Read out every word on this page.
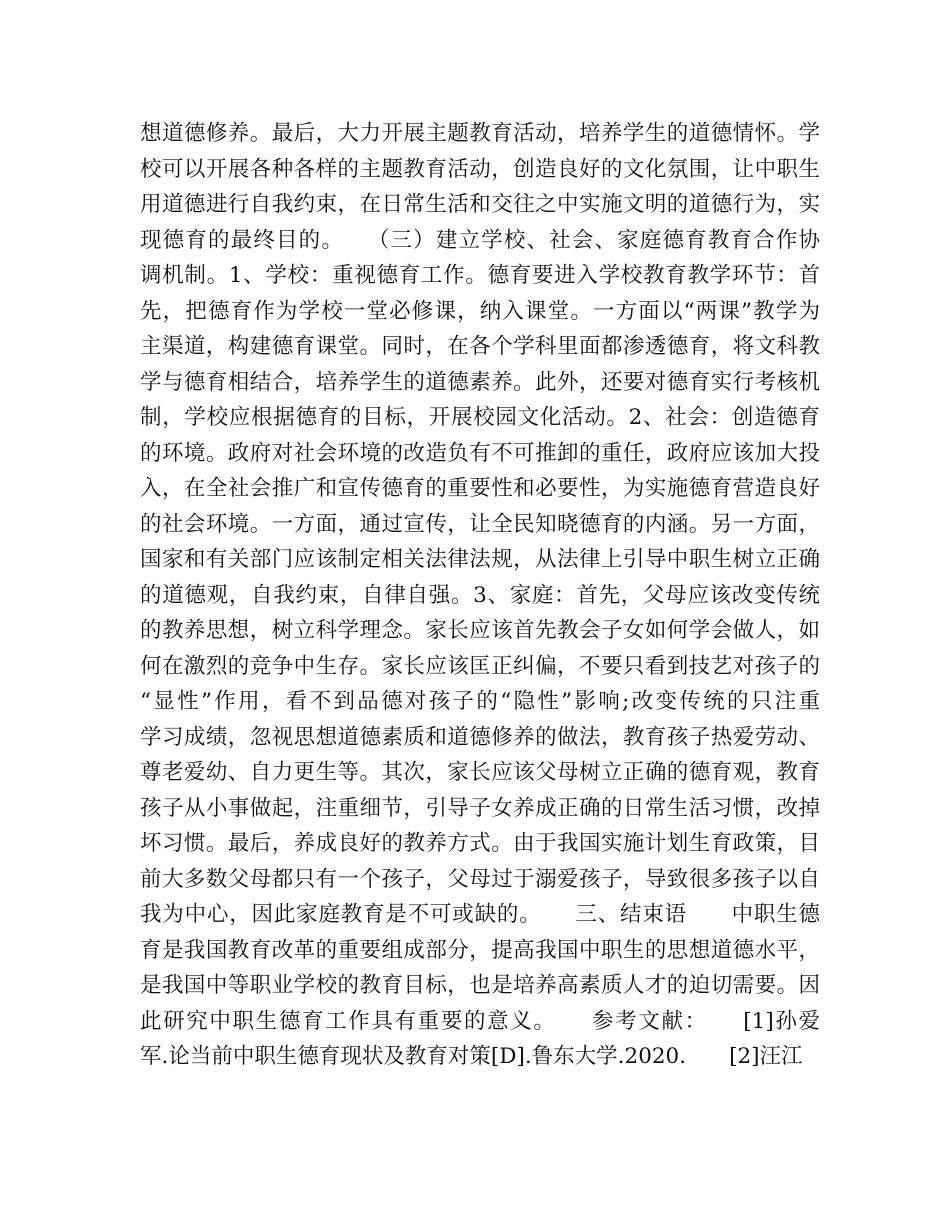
想道德修养。最后，大力开展主题教育活动，培养学生的道德情怀。学
校可以开展各种各样的主题教育活动，创造良好的文化氛围，让中职生
用道德进行自我约束，在日常生活和交往之中实施文明的道德行为，实
现德育的最终目的。　　（三）建立学校、社会、家庭德育教育合作协
调机制。1、学校：重视德育工作。德育要进入学校教育教学环节：首
先，把德育作为学校一堂必修课，纳入课堂。一方面以“两课”教学为
主渠道，构建德育课堂。同时，在各个学科里面都渗透德育，将文科教
学与德育相结合，培养学生的道德素养。此外，还要对德育实行考核机
制，学校应根据德育的目标，开展校园文化活动。2、社会：创造德育
的环境。政府对社会环境的改造负有不可推卸的重任，政府应该加大投
入，在全社会推广和宣传德育的重要性和必要性，为实施德育营造良好
的社会环境。一方面，通过宣传，让全民知晓德育的内涵。另一方面，
国家和有关部门应该制定相关法律法规，从法律上引导中职生树立正确
的道德观，自我约束，自律自强。3、家庭：首先，父母应该改变传统
的教养思想，树立科学理念。家长应该首先教会子女如何学会做人，如
何在激烈的竞争中生存。家长应该匡正纠偏，不要只看到技艺对孩子的
“显性”作用，看不到品德对孩子的“隐性”影响;改变传统的只注重
学习成绩，忽视思想道德素质和道德修养的做法，教育孩子热爱劳动、
尊老爱幼、自力更生等。其次，家长应该父母树立正确的德育观，教育
孩子从小事做起，注重细节，引导子女养成正确的日常生活习惯，改掉
坏习惯。最后，养成良好的教养方式。由于我国实施计划生育政策，目
前大多数父母都只有一个孩子，父母过于溺爱孩子，导致很多孩子以自
我为中心，因此家庭教育是不可或缺的。　　三、结束语　　中职生德
育是我国教育改革的重要组成部分，提高我国中职生的思想道德水平，
是我国中等职业学校的教育目标，也是培养高素质人才的迫切需要。因
此研究中职生德育工作具有重要的意义。　　参考文献：　　[1]孙爱
军.论当前中职生德育现状及教育对策[D].鲁东大学.2020.　　[2]汪江
